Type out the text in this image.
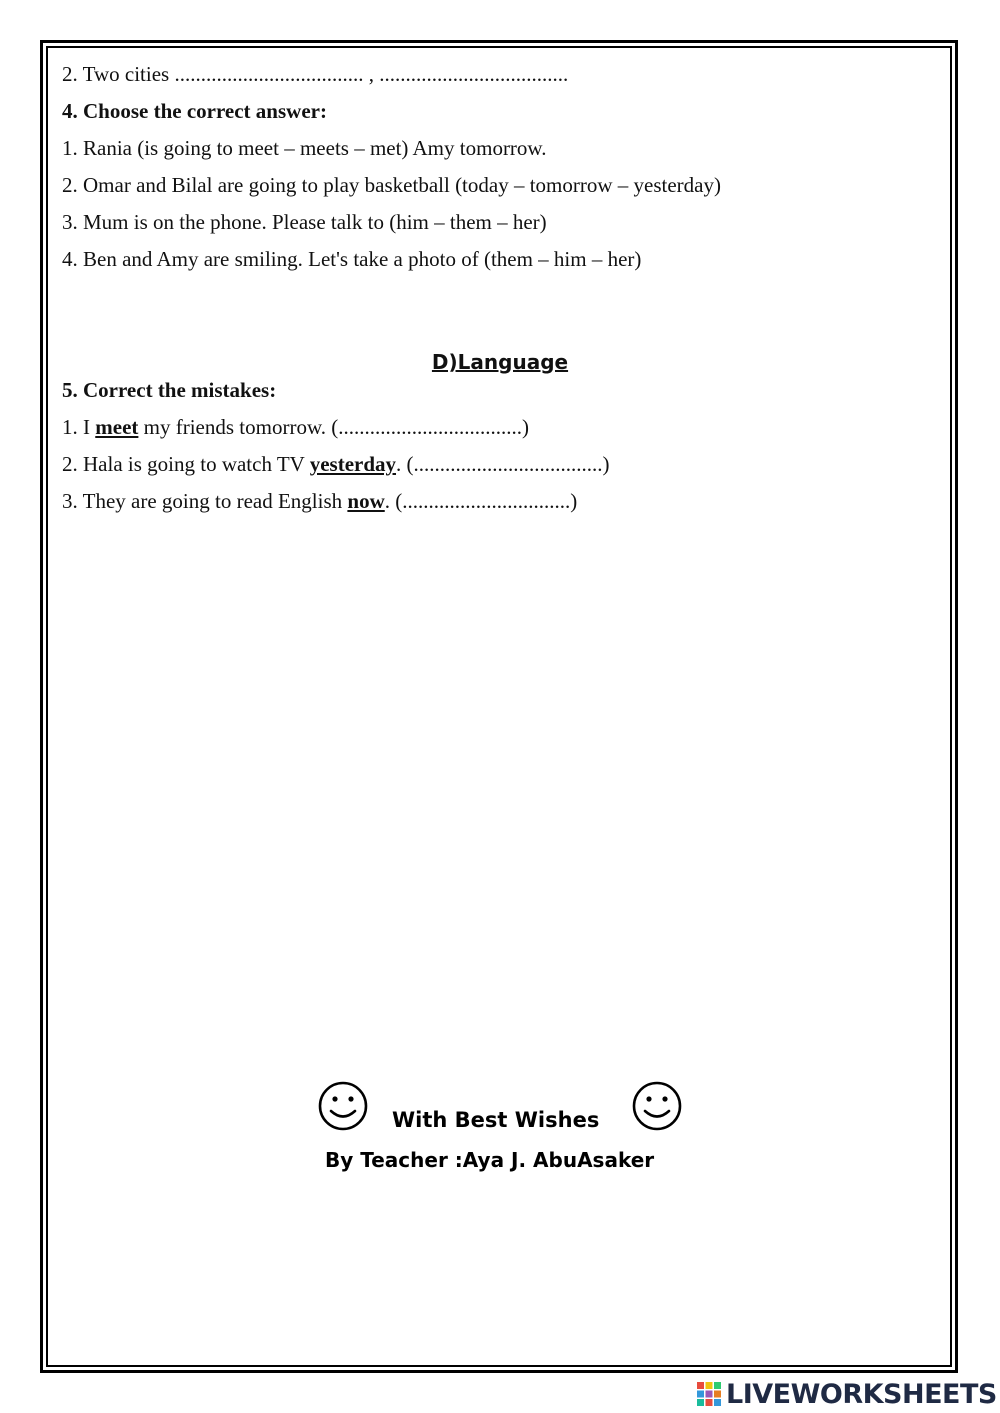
2. Two cities .................................... , ....................................
4. Choose the correct answer:
1. Rania (is going to meet – meets – met) Amy tomorrow.
2. Omar and Bilal are going to play basketball (today – tomorrow – yesterday)
3. Mum is on the phone. Please talk to (him – them – her)
4. Ben and Amy are smiling. Let's take a photo of (them – him – her)
D)Language
5. Correct the mistakes:
1. I meet my friends tomorrow. (...................................)
2. Hala is going to watch TV yesterday. (....................................)
3. They are going to read English now. (................................)
With Best Wishes
By Teacher :Aya J. AbuAsaker
LIVEWORKSHEETS
